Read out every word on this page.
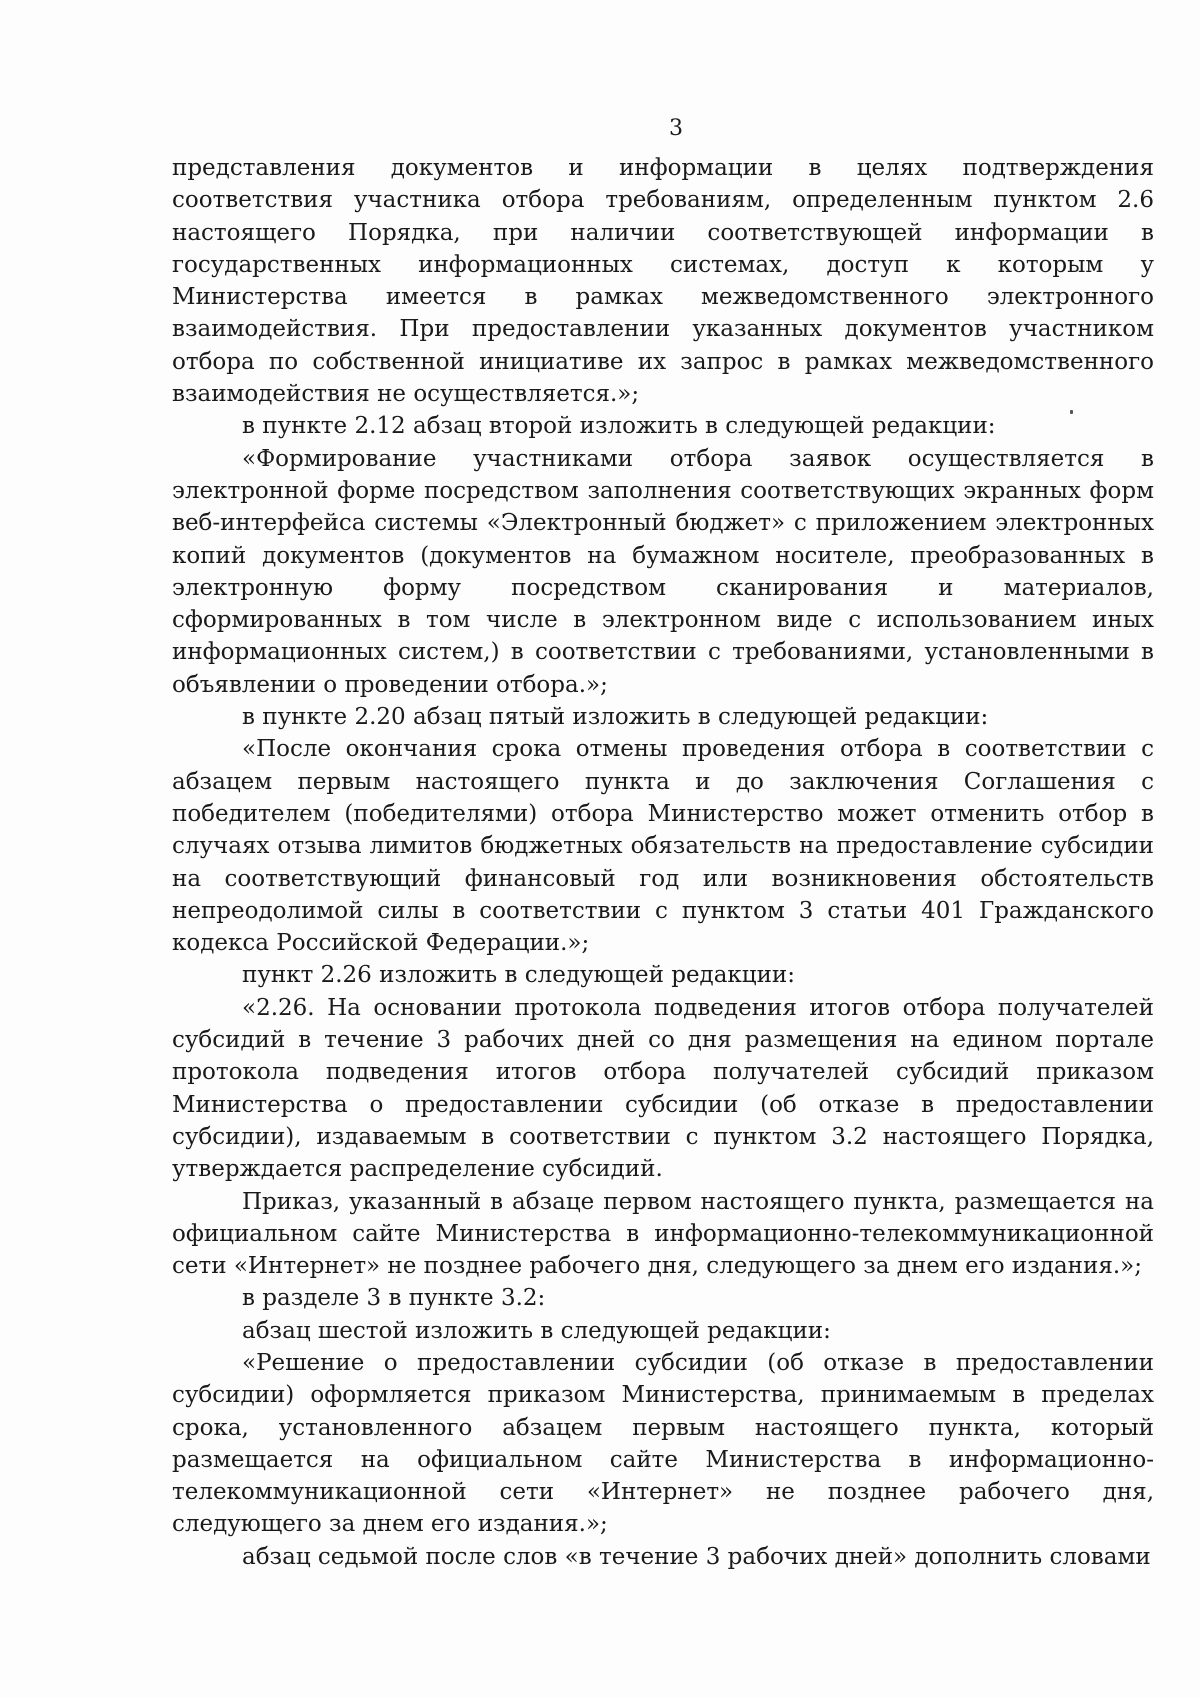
3

представления документов и информации в целях подтверждения соответствия участника отбора требованиям, определенным пунктом 2.6 настоящего Порядка, при наличии соответствующей информации в государственных информационных системах, доступ к которым у Министерства имеется в рамках межведомственного электронного взаимодействия. При предоставлении указанных документов участником отбора по собственной инициативе их запрос в рамках межведомственного взаимодействия не осуществляется.»;

в пункте 2.12 абзац второй изложить в следующей редакции:

«Формирование участниками отбора заявок осуществляется в электронной форме посредством заполнения соответствующих экранных форм веб-интерфейса системы «Электронный бюджет» с приложением электронных копий документов (документов на бумажном носителе, преобразованных в электронную форму посредством сканирования и материалов, сформированных в том числе в электронном виде с использованием иных информационных систем,) в соответствии с требованиями, установленными в объявлении о проведении отбора.»;

в пункте 2.20 абзац пятый изложить в следующей редакции:

«После окончания срока отмены проведения отбора в соответствии с абзацем первым настоящего пункта и до заключения Соглашения с победителем (победителями) отбора Министерство может отменить отбор в случаях отзыва лимитов бюджетных обязательств на предоставление субсидии на соответствующий финансовый год или возникновения обстоятельств непреодолимой силы в соответствии с пунктом 3 статьи 401 Гражданского кодекса Российской Федерации.»;

пункт 2.26 изложить в следующей редакции:

«2.26. На основании протокола подведения итогов отбора получателей субсидий в течение 3 рабочих дней со дня размещения на едином портале протокола подведения итогов отбора получателей субсидий приказом Министерства о предоставлении субсидии (об отказе в предоставлении субсидии), издаваемым в соответствии с пунктом 3.2 настоящего Порядка, утверждается распределение субсидий.

Приказ, указанный в абзаце первом настоящего пункта, размещается на официальном сайте Министерства в информационно-телекоммуникационной сети «Интернет» не позднее рабочего дня, следующего за днем его издания.»;

в разделе 3 в пункте 3.2:

абзац шестой изложить в следующей редакции:

«Решение о предоставлении субсидии (об отказе в предоставлении субсидии) оформляется приказом Министерства, принимаемым в пределах срока, установленного абзацем первым настоящего пункта, который размещается на официальном сайте Министерства в информационно-телекоммуникационной сети «Интернет» не позднее рабочего дня, следующего за днем его издания.»;

абзац седьмой после слов «в течение 3 рабочих дней» дополнить словами
